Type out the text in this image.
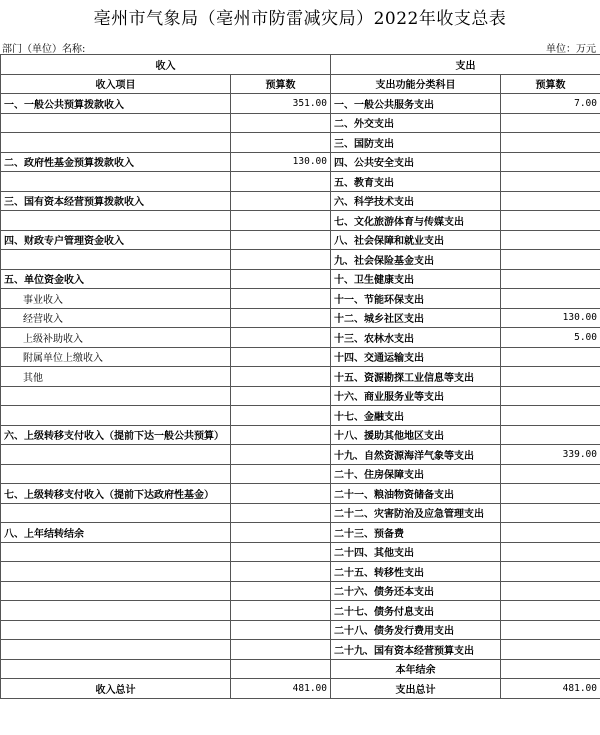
亳州市气象局（亳州市防雷减灾局）2022年收支总表
部门（单位）名称:	单位：万元
收入		支出	
收入项目	预算数	支出功能分类科目	预算数
一、一般公共预算拨款收入	351.00	一、一般公共服务支出	7.00
		二、外交支出	
		三、国防支出	
二、政府性基金预算拨款收入	130.00	四、公共安全支出	
		五、教育支出	
三、国有资本经营预算拨款收入		六、科学技术支出	
		七、文化旅游体育与传媒支出	
四、财政专户管理资金收入		八、社会保障和就业支出	
		九、社会保险基金支出	
五、单位资金收入		十、卫生健康支出	
事业收入		十一、节能环保支出	
经营收入		十二、城乡社区支出	130.00
上级补助收入		十三、农林水支出	5.00
附属单位上缴收入		十四、交通运输支出	
其他		十五、资源勘探工业信息等支出	
		十六、商业服务业等支出	
		十七、金融支出	
六、上级转移支付收入（提前下达一般公共预算）		十八、援助其他地区支出	
		十九、自然资源海洋气象等支出	339.00
		二十、住房保障支出	
七、上级转移支付收入（提前下达政府性基金）		二十一、粮油物资储备支出	
		二十二、灾害防治及应急管理支出	
八、上年结转结余		二十三、预备费	
		二十四、其他支出	
		二十五、转移性支出	
		二十六、债务还本支出	
		二十七、债务付息支出	
		二十八、债务发行费用支出	
		二十九、国有资本经营预算支出	
		本年结余	
收入总计	481.00	支出总计	481.00
